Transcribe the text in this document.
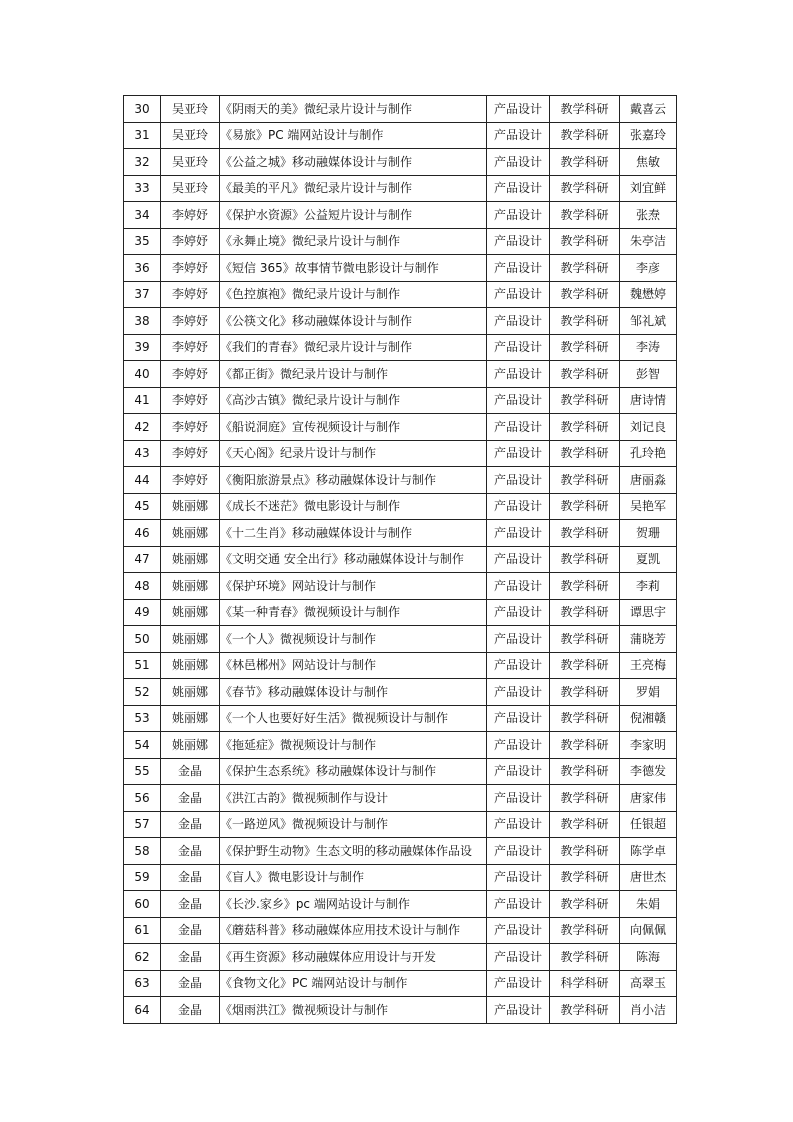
30	吴亚玲	《阴雨天的美》微纪录片设计与制作	产品设计	教学科研	戴喜云
31	吴亚玲	《易旅》PC 端网站设计与制作	产品设计	教学科研	张嘉玲
32	吴亚玲	《公益之城》移动融媒体设计与制作	产品设计	教学科研	焦敏
33	吴亚玲	《最美的平凡》微纪录片设计与制作	产品设计	教学科研	刘宜鲜
34	李婷妤	《保护水资源》公益短片设计与制作	产品设计	教学科研	张焘
35	李婷妤	《永舞止境》微纪录片设计与制作	产品设计	教学科研	朱亭洁
36	李婷妤	《短信 365》故事情节微电影设计与制作	产品设计	教学科研	李彦
37	李婷妤	《色控旗袍》微纪录片设计与制作	产品设计	教学科研	魏懋婷
38	李婷妤	《公筷文化》移动融媒体设计与制作	产品设计	教学科研	邹礼斌
39	李婷妤	《我们的青春》微纪录片设计与制作	产品设计	教学科研	李涛
40	李婷妤	《都正街》微纪录片设计与制作	产品设计	教学科研	彭智
41	李婷妤	《高沙古镇》微纪录片设计与制作	产品设计	教学科研	唐诗情
42	李婷妤	《船说洞庭》宣传视频设计与制作	产品设计	教学科研	刘记良
43	李婷妤	《天心阁》纪录片设计与制作	产品设计	教学科研	孔玲艳
44	李婷妤	《衡阳旅游景点》移动融媒体设计与制作	产品设计	教学科研	唐丽淼
45	姚丽娜	《成长不迷茫》微电影设计与制作	产品设计	教学科研	吴艳军
46	姚丽娜	《十二生肖》移动融媒体设计与制作	产品设计	教学科研	贺珊
47	姚丽娜	《文明交通 安全出行》移动融媒体设计与制作	产品设计	教学科研	夏凯
48	姚丽娜	《保护环境》网站设计与制作	产品设计	教学科研	李莉
49	姚丽娜	《某一种青春》微视频设计与制作	产品设计	教学科研	谭思宇
50	姚丽娜	《一个人》微视频设计与制作	产品设计	教学科研	蒲晓芳
51	姚丽娜	《林邑郴州》网站设计与制作	产品设计	教学科研	王亮梅
52	姚丽娜	《春节》移动融媒体设计与制作	产品设计	教学科研	罗娟
53	姚丽娜	《一个人也要好好生活》微视频设计与制作	产品设计	教学科研	倪湘赣
54	姚丽娜	《拖延症》微视频设计与制作	产品设计	教学科研	李家明
55	金晶	《保护生态系统》移动融媒体设计与制作	产品设计	教学科研	李德发
56	金晶	《洪江古韵》微视频制作与设计	产品设计	教学科研	唐家伟
57	金晶	《一路逆风》微视频设计与制作	产品设计	教学科研	任银超
58	金晶	《保护野生动物》生态文明的移动融媒体作品设	产品设计	教学科研	陈学卓
59	金晶	《盲人》微电影设计与制作	产品设计	教学科研	唐世杰
60	金晶	《长沙.家乡》pc 端网站设计与制作	产品设计	教学科研	朱娟
61	金晶	《蘑菇科普》移动融媒体应用技术设计与制作	产品设计	教学科研	向佩佩
62	金晶	《再生资源》移动融媒体应用设计与开发	产品设计	教学科研	陈海
63	金晶	《食物文化》PC 端网站设计与制作	产品设计	科学科研	高翠玉
64	金晶	《烟雨洪江》微视频设计与制作	产品设计	教学科研	肖小洁
